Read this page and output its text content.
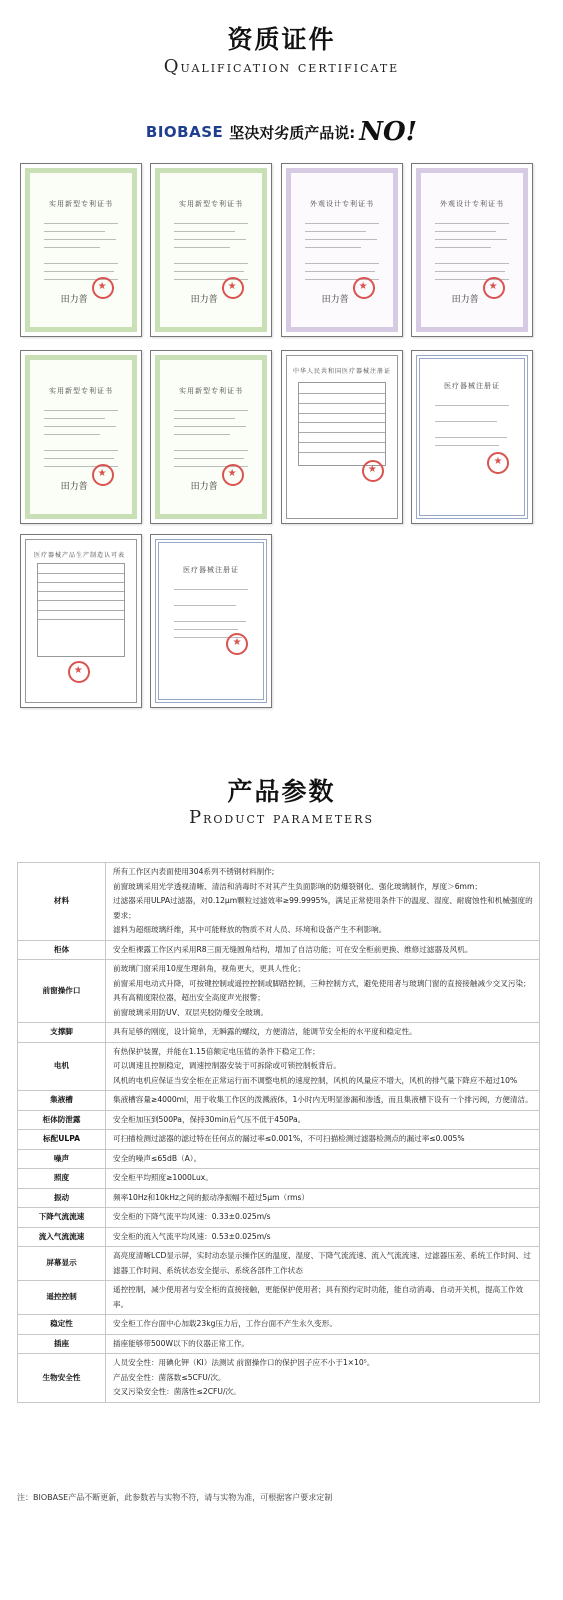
资质证件
Qualification certificate
BIOBASE 坚决对劣质产品说: NO!
实用新型专利证书
★
田力普
实用新型专利证书
★
田力普
外观设计专利证书
★
田力普
外观设计专利证书
★
田力普
实用新型专利证书
★
田力普
实用新型专利证书
★
田力普
中华人民共和国医疗器械注册证
★
医疗器械注册证
★
医疗器械产品生产制造认可表
★
医疗器械注册证
★
产品参数
Product parameters
材料	所有工作区内表面使用304系列不锈钢材料制作;
前窗玻璃采用光学透视清晰、清洁和消毒时不对其产生负面影响的防爆裂钢化、强化玻璃制作，厚度＞6mm；
过滤器采用ULPA过滤器，对0.12μm颗粒过滤效率≥99.9995%，满足正常使用条件下的温度、湿度、耐腐蚀性和机械强度的要求；
滤料为超细玻璃纤维，其中可能释放的物质不对人员、环境和设备产生不利影响。

柜体	安全柜裸露工作区内采用R8三面无缝圆角结构，增加了自洁功能；可在安全柜前更换、维修过滤器及风机。

前窗操作口	前玻璃门窗采用10度生理斜角，视角更大，更具人性化；
前窗采用电动式升降，可按键控制或遥控控制或脚踏控制，三种控制方式，避免使用者与玻璃门窗的直接接触减少交叉污染；
具有高精度限位器，超出安全高度声光报警；
前窗玻璃采用防UV、双层夹胶防爆安全玻璃。

支撑脚	具有足够的刚度，设计简单，无瞬露的螺纹，方便清洁，能调节安全柜的水平度和稳定性。

电机	有热保护装置，并能在1.15倍额定电压值的条件下稳定工作；
可以调速且控制稳定，调速控制器安装于可拆除或可锁控制板背后。
风机的电机应保证当安全柜在正常运行而不调整电机的速度控制，风机的风量应不增大，风机的排气量下降应不超过10%

集液槽	集液槽容量≥4000ml，用于收集工作区的泼溅液体，1小时内无明显渗漏和渗透，而且集液槽下设有一个排污阀，方便清洁。

柜体防泄露	安全柜加压到500Pa，保持30min后气压不低于450Pa。

标配ULPA	可扫描检测过滤器的滤过特在任何点的漏过率≤0.001%，不可扫描检测过滤器检测点的漏过率≤0.005%

噪声	安全的噪声≤65dB（A）。

照度	安全柜平均照度≥1000Lux。

振动	频率10Hz和10kHz之间的振动净振幅不超过5μm（rms）

下降气流流速	安全柜的下降气流平均风速：0.33±0.025m/s

流入气流流速	安全柜的流入气流平均风速：0.53±0.025m/s

屏幕显示	高亮度清晰LCD显示屏，实时动态显示操作区的温度、湿度、下降气流流速、流入气流流速、过滤器压差、系统工作时间、过滤器工作时间、系统状态安全提示、系统各部件工作状态

遥控控制	遥控控制，减少使用者与安全柜的直接接触，更能保护使用者；具有预约定时功能，能自动消毒、自动开关机，提高工作效率。

稳定性	安全柜工作台面中心加载23kg压力后，工作台面不产生永久变形。

插座	插座能够带500W以下的仪器正常工作。

生物安全性	人员安全性：用碘化钾（KI）法测试 前窗操作口的保护因子应不小于1×10⁵。
产品安全性：菌落数≤5CFU/次。
交叉污染安全性：菌落性≤2CFU/次。
注：BIOBASE产品不断更新，此参数若与实物不符，请与实物为准，可根据客户要求定制
